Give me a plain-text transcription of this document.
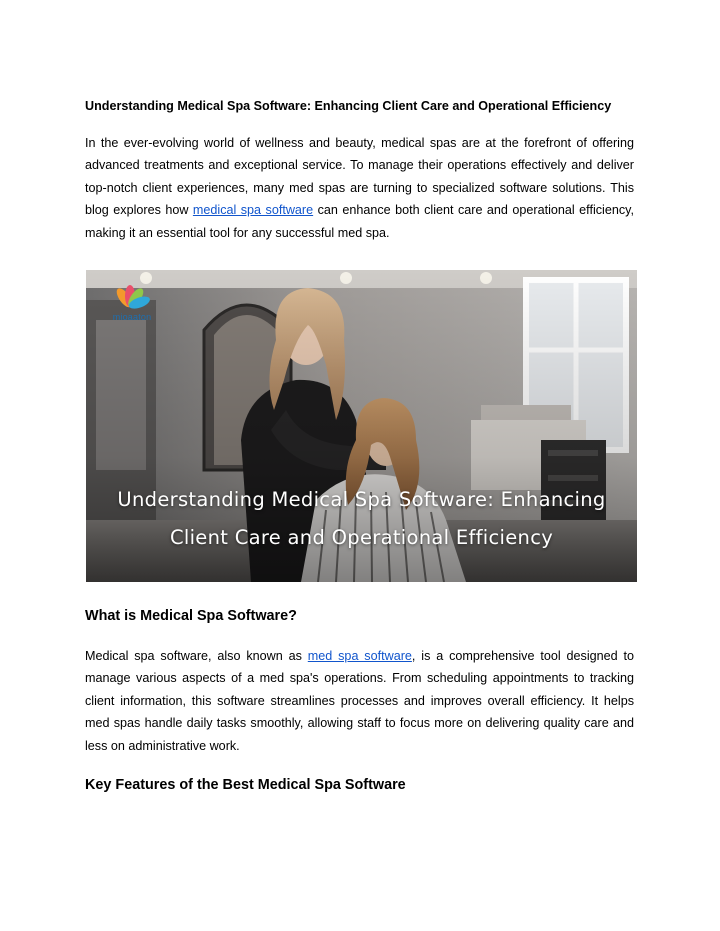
Understanding Medical Spa Software: Enhancing Client Care and Operational Efficiency

In the ever-evolving world of wellness and beauty, medical spas are at the forefront of offering advanced treatments and exceptional service. To manage their operations effectively and deliver top-notch client experiences, many med spas are turning to specialized software solutions. This blog explores how medical spa software can enhance both client care and operational efficiency, making it an essential tool for any successful med spa.

mioaaton
Understanding Medical Spa Software: Enhancing
Client Care and Operational Efficiency
What is Medical Spa Software?

Medical spa software, also known as med spa software, is a comprehensive tool designed to manage various aspects of a med spa's operations. From scheduling appointments to tracking client information, this software streamlines processes and improves overall efficiency. It helps med spas handle daily tasks smoothly, allowing staff to focus more on delivering quality care and less on administrative work.

Key Features of the Best Medical Spa Software
